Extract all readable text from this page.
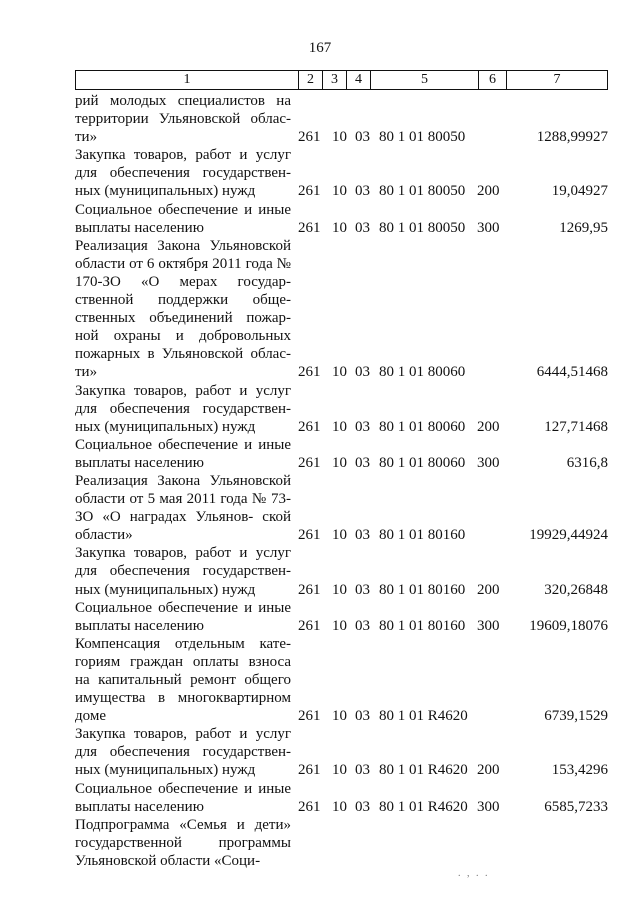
167
1	2	3	4	5	6	7
рий молодых специалистов на территории Ульяновской облас- ти»	261 10 03 80 1 01 80050	1288,99927
Закупка товаров, работ и услуг для обеспечения государствен- ных (муниципальных) нужд	261 10 03 80 1 01 80050 200	19,04927
Социальное обеспечение и иные выплаты населению	261 10 03 80 1 01 80050 300	1269,95
Реализация Закона Ульяновской области от 6 октября 2011 года № 170-ЗО «О мерах государ- ственной поддержки обще- ственных объединений пожар- ной охраны и добровольных пожарных в Ульяновской облас- ти»	261 10 03 80 1 01 80060	6444,51468
Закупка товаров, работ и услуг для обеспечения государствен- ных (муниципальных) нужд	261 10 03 80 1 01 80060 200	127,71468
Социальное обеспечение и иные выплаты населению	261 10 03 80 1 01 80060 300	6316,8
Реализация Закона Ульяновской области от 5 мая 2011 года № 73-ЗО «О наградах Ульянов- ской области»	261 10 03 80 1 01 80160	19929,44924
Закупка товаров, работ и услуг для обеспечения государствен- ных (муниципальных) нужд	261 10 03 80 1 01 80160 200	320,26848
Социальное обеспечение и иные выплаты населению	261 10 03 80 1 01 80160 300 19609,18076
Компенсация отдельным кате- гориям граждан оплаты взноса на капитальный ремонт общего имущества в многоквартирном доме	261 10 03 80 1 01 R4620	6739,1529
Закупка товаров, работ и услуг для обеспечения государствен- ных (муниципальных) нужд	261 10 03 80 1 01 R4620 200	153,4296
Социальное обеспечение и иные выплаты населению	261 10 03 80 1 01 R4620 300	6585,7233
Подпрограмма «Семья и дети» государственной программы Ульяновской области «Соци-
. , . .
